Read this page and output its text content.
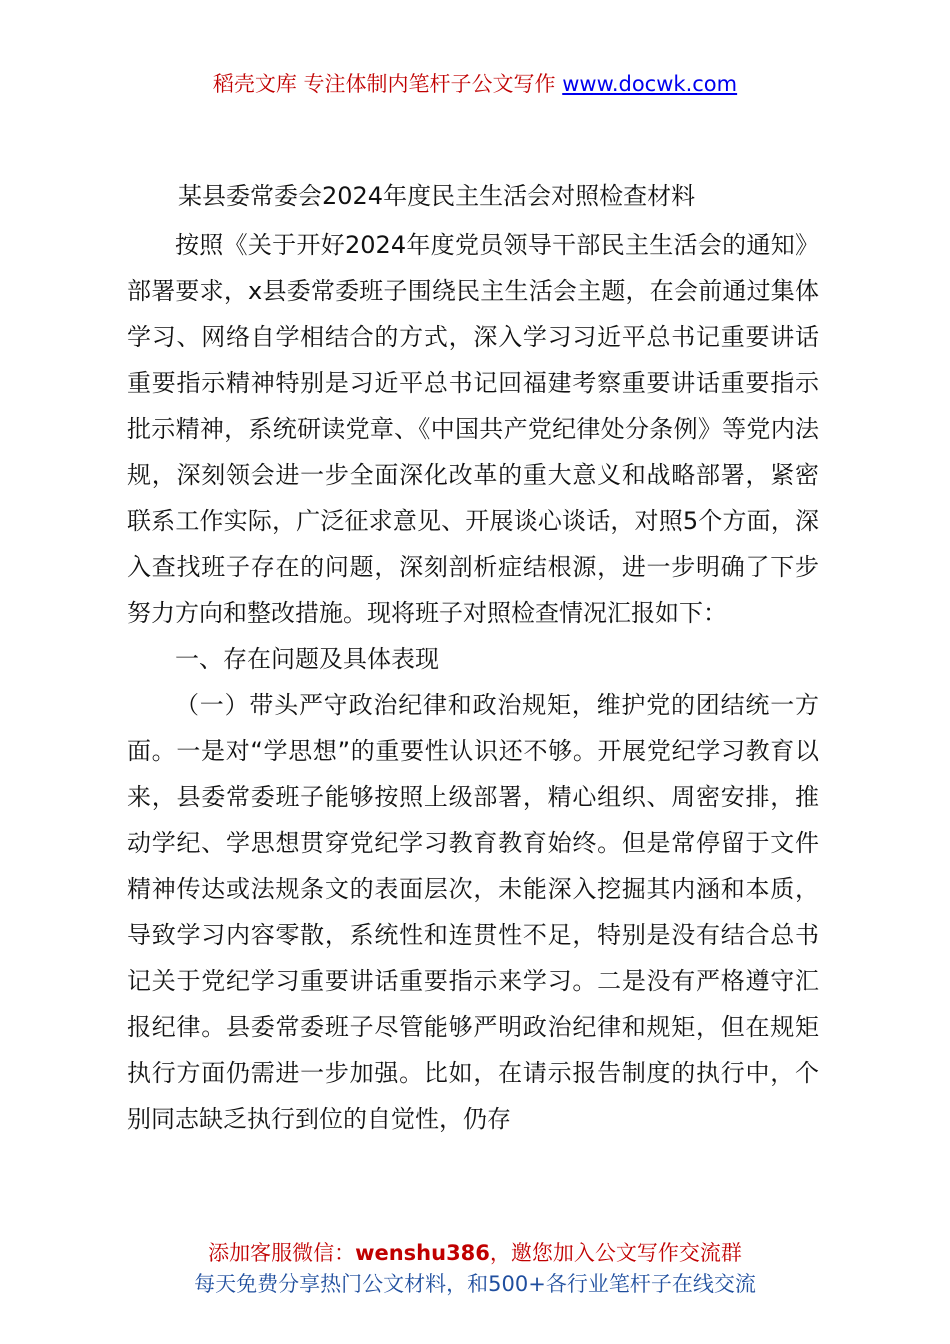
稻壳文库 专注体制内笔杆子公文写作 www.docwk.com
某县委常委会2024年度民主生活会对照检查材料

按照《关于开好2024年度党员领导干部民主生活会的通知》部署要求，x县委常委班子围绕民主生活会主题，在会前通过集体学习、网络自学相结合的方式，深入学习习近平总书记重要讲话重要指示精神特别是习近平总书记回福建考察重要讲话重要指示批示精神，系统研读党章、《中国共产党纪律处分条例》等党内法规，深刻领会进一步全面深化改革的重大意义和战略部署，紧密联系工作实际，广泛征求意见、开展谈心谈话，对照5个方面，深入查找班子存在的问题，深刻剖析症结根源，进一步明确了下步努力方向和整改措施。现将班子对照检查情况汇报如下：

一、存在问题及具体表现

（一）带头严守政治纪律和政治规矩，维护党的团结统一方面。一是对“学思想”的重要性认识还不够。开展党纪学习教育以来，县委常委班子能够按照上级部署，精心组织、周密安排，推动学纪、学思想贯穿党纪学习教育教育始终。但是常停留于文件精神传达或法规条文的表面层次，未能深入挖掘其内涵和本质，导致学习内容零散，系统性和连贯性不足，特别是没有结合总书记关于党纪学习重要讲话重要指示来学习。二是没有严格遵守汇报纪律。县委常委班子尽管能够严明政治纪律和规矩，但在规矩执行方面仍需进一步加强。比如，在请示报告制度的执行中，个别同志缺乏执行到位的自觉性，仍存

添加客服微信：wenshu386，邀您加入公文写作交流群
每天免费分享热门公文材料，和500+各行业笔杆子在线交流
